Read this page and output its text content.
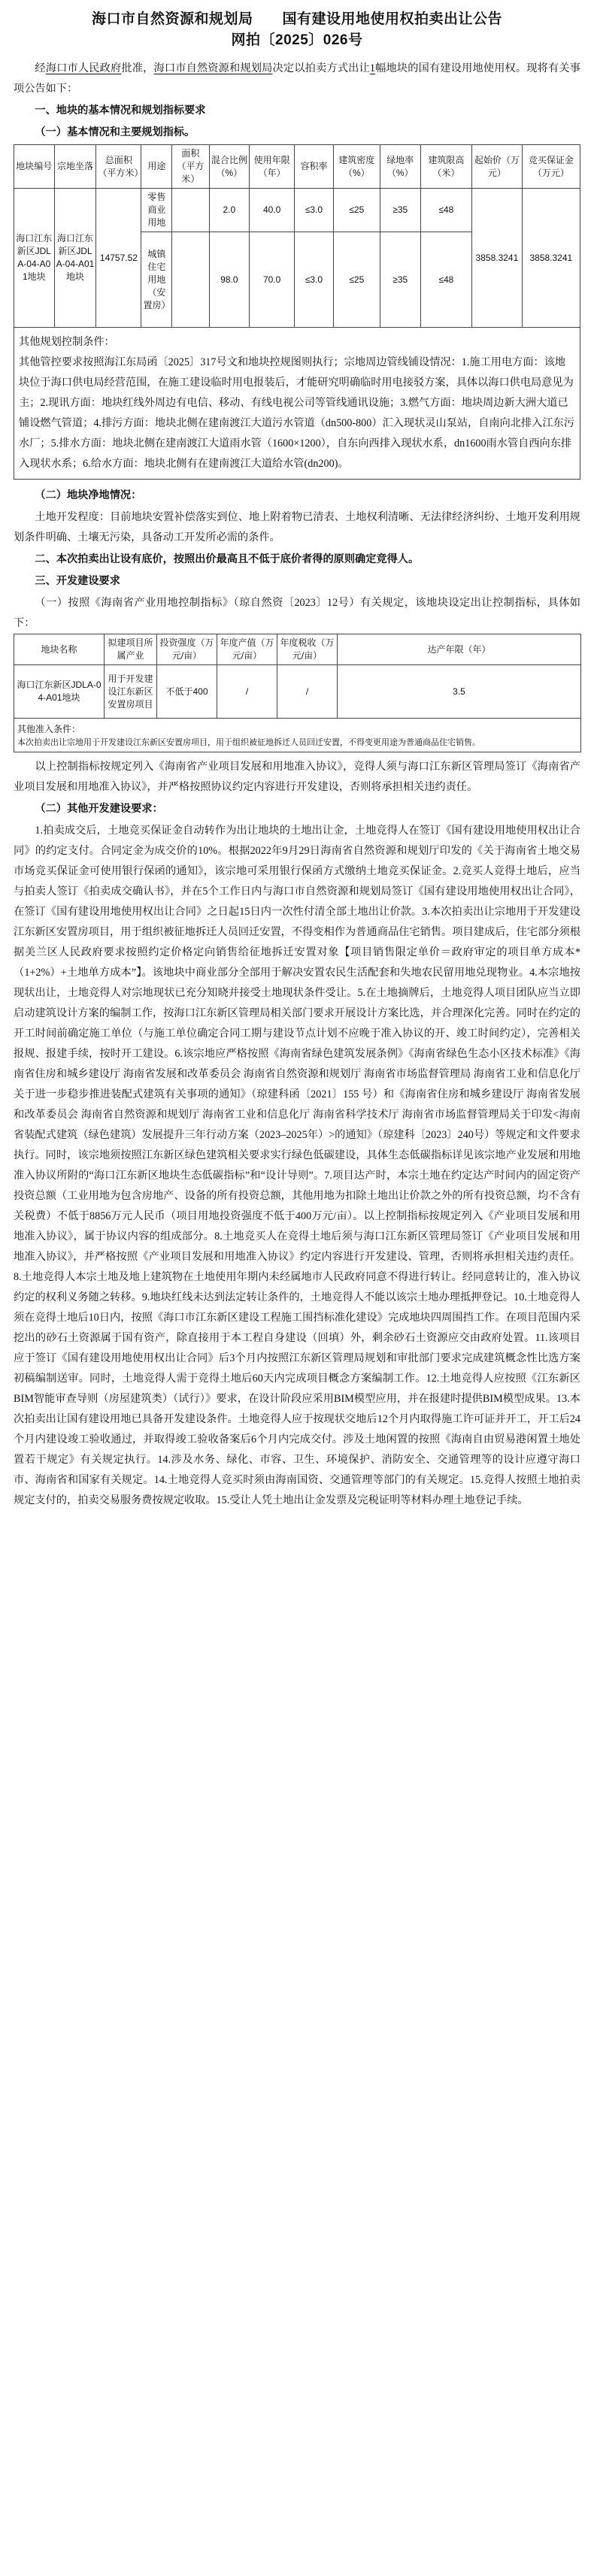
海口市自然资源和规划局　　国有建设用地使用权拍卖出让公告
网拍〔2025〕026号

经海口市人民政府批准，海口市自然资源和规划局决定以拍卖方式出让1幅地块的国有建设用地使用权。现将有关事项公告如下：

一、地块的基本情况和规划指标要求
（一）基本情况和主要规划指标。
地块编号	宗地坐落	总面积（平方米）	用途	面积（平方米）	混合比例（%）	使用年限（年）	容积率	建筑密度（%）	绿地率（%）	建筑限高（米）	起始价（万元）	竞买保证金（万元）
海口江东新区JDLA-04-A01地块	海口江东新区JDLA-04-A01地块	14757.52	零售商业用地		2.0	40.0	≤3.0	≤25	≥35	≤48	3858.3241	3858.3241
			城镇住宅用地（安置房）		98.0	70.0	≤3.0	≤25	≥35	≤48		

其他规划控制条件：
其他管控要求按照海江东局函〔2025〕317号文和地块控规图则执行；宗地周边管线铺设情况：1.施工用电方面：该地块位于海口供电局经营范围，在施工建设临时用电报装后，才能研究明确临时用电接驳方案，具体以海口供电局意见为主；2.现讯方面：地块红线外周边有电信、移动、有线电视公司等管线通讯设施；3.燃气方面：地块周边新大洲大道已铺设燃气管道；4.排污方面：地块北侧在建南渡江大道污水管道（dn500-800）汇入现状灵山泵站，自南向北排入江东污水厂；5.排水方面：地块北侧在建南渡江大道雨水管（1600×1200），自东向西排入现状水系，dn1600雨水管自西向东排入现状水系；6.给水方面：地块北侧有在建南渡江大道给水管(dn200)。												
（二）地块净地情况：

土地开发程度：目前地块安置补偿落实到位、地上附着物已清表、土地权利清晰、无法律经济纠纷、土地开发利用规划条件明确、土壤无污染，具备动工开发所必需的条件。

二、本次拍卖出让设有底价，按照出价最高且不低于底价者得的原则确定竞得人。
三、开发建设要求

（一）按照《海南省产业用地控制指标》（琼自然资〔2023〕12号）有关规定，该地块设定出让控制指标，具体如下：

地块名称	拟建项目所属产业	投资强度（万元/亩）	年度产值（万元/亩）	年度税收（万元/亩）	达产年限（年）
海口江东新区JDLA-04-A01地块	用于开发建设江东新区安置房项目	不低于400	/	/	3.5

其他准入条件：
本次拍卖出让宗地用于开发建设江东新区安置房项目，用于组织被征地拆迁人员回迁安置，不得变更用途为普通商品住宅销售。					

以上控制指标按规定列入《海南省产业项目发展和用地准入协议》，竞得人须与海口江东新区管理局签订《海南省产业项目发展和用地准入协议》，并严格按照协议约定内容进行开发建设，否则将承担相关违约责任。

（二）其他开发建设要求：

1.拍卖成交后，土地竞买保证金自动转作为出让地块的土地出让金，土地竞得人在签订《国有建设用地使用权出让合同》的约定支付。合同定金为成交价的10%。根据2022年9月29日海南省自然资源和规划厅印发的《关于海南省土地交易市场竞买保证金可使用银行保函的通知》，该宗地可采用银行保函方式缴纳土地竞买保证金。2.竞买人竞得土地后，应当与拍卖人签订《拍卖成交确认书》，并在5个工作日内与海口市自然资源和规划局签订《国有建设用地使用权出让合同》，在签订《国有建设用地使用权出让合同》之日起15日内一次性付清全部土地出让价款。3.本次拍卖出让宗地用于开发建设江东新区安置房项目，用于组织被征地拆迁人员回迁安置，不得变相作为普通商品住宅销售。项目建成后，住宅部分须根据美兰区人民政府要求按照约定价格定向销售给征地拆迁安置对象【项目销售限定单价＝政府审定的项目单方成本*（1+2%）+土地单方成本”】。该地块中商业部分全部用于解决安置农民生活配套和失地农民留用地兑现物业。4.本宗地按现状出让，土地竞得人对宗地现状已充分知晓并接受土地现状条件受让。5.在土地摘牌后，土地竞得人项目团队应当立即启动建筑设计方案的编制工作，按海口江东新区管理局相关部门要求开展设计方案比选，并合理深化完善。同时在约定的开工时间前确定施工单位（与施工单位确定合同工期与建设节点计划不应晚于准入协议的开、竣工时间约定），完善相关报规、报建手续，按时开工建设。6.该宗地应严格按照《海南省绿色建筑发展条例》《海南省绿色生态小区技术标准》《海南省住房和城乡建设厅 海南省发展和改革委员会 海南省自然资源和规划厅 海南省市场监督管理局 海南省工业和信息化厅关于进一步稳步推进装配式建筑有关事项的通知》（琼建科函〔2021〕155 号）和《海南省住房和城乡建设厅 海南省发展和改革委员会 海南省自然资源和规划厅 海南省工业和信息化厅 海南省科学技术厅 海南省市场监督管理局关于印发<海南省装配式建筑（绿色建筑）发展提升三年行动方案（2023–2025年）>的通知》（琼建科〔2023〕240号）等规定和文件要求执行。同时，该宗地须按照江东新区绿色建筑相关要求实行绿色低碳建设，具体生态低碳指标详见该宗地产业发展和用地准入协议所附的“海口江东新区地块生态低碳指标”和“设计导则”。7.项目达产时，本宗土地在约定达产时间内的固定资产投资总额（工业用地为包含房地产、设备的所有投资总额，其他用地为扣除土地出让价款之外的所有投资总额，均不含有关税费）不低于8856万元人民币（项目用地投资强度不低于400万元/亩）。以上控制指标按规定列入《产业项目发展和用地准入协议》，属于协议内容的组成部分。8.土地竞买人在竞得土地后须与海口江东新区管理局签订《产业项目发展和用地准入协议》，并严格按照《产业项目发展和用地准入协议》约定内容进行开发建设、管理，否则将承担相关违约责任。8.土地竞得人本宗土地及地上建筑物在土地使用年期内未经属地市人民政府同意不得进行转让。经同意转让的，准入协议约定的权利义务随之转移。9.地块红线未达到法定转让条件的，土地竞得人不能以该宗土地办理抵押登记。10.土地竞得人须在竞得土地后10日内，按照《海口市江东新区建设工程施工围挡标准化建设》完成地块四周围挡工作。在项目范围内采挖出的砂石土资源属于国有资产，除直接用于本工程自身建设（回填）外，剩余砂石土资源应交由政府处置。11.该项目应于签订《国有建设用地使用权出让合同》后3个月内按照江东新区管理局规划和审批部门要求完成建筑概念性比选方案初稿编制送审。同时，土地竞得人需于竞得土地后60天内完成项目概念方案编制工作。12.土地竞得人应按照《江东新区BIM智能审查导则（房屋建筑类）（试行）》要求，在设计阶段应采用BIM模型应用，并在报建时提供BIM模型成果。13.本次拍卖出让国有建设用地已具备开发建设条件。土地竞得人应于按现状交地后12个月内取得施工许可证并开工，开工后24个月内建设竣工验收通过，并取得竣工验收备案后6个月内完成交付。涉及土地闲置的按照《海南自由贸易港闲置土地处置若干规定》有关规定执行。14.涉及水务、绿化、市容、卫生、环境保护、消防安全、交通管理等的设计应遵守海口市、海南省和国家有关规定。14.土地竞得人竞买时须由海南国资、交通管理等部门的有关规定。15.竞得人按照土地拍卖规定支付的，拍卖交易服务费按规定收取。15.受让人凭土地出让金发票及完税证明等材料办理土地登记手续。
